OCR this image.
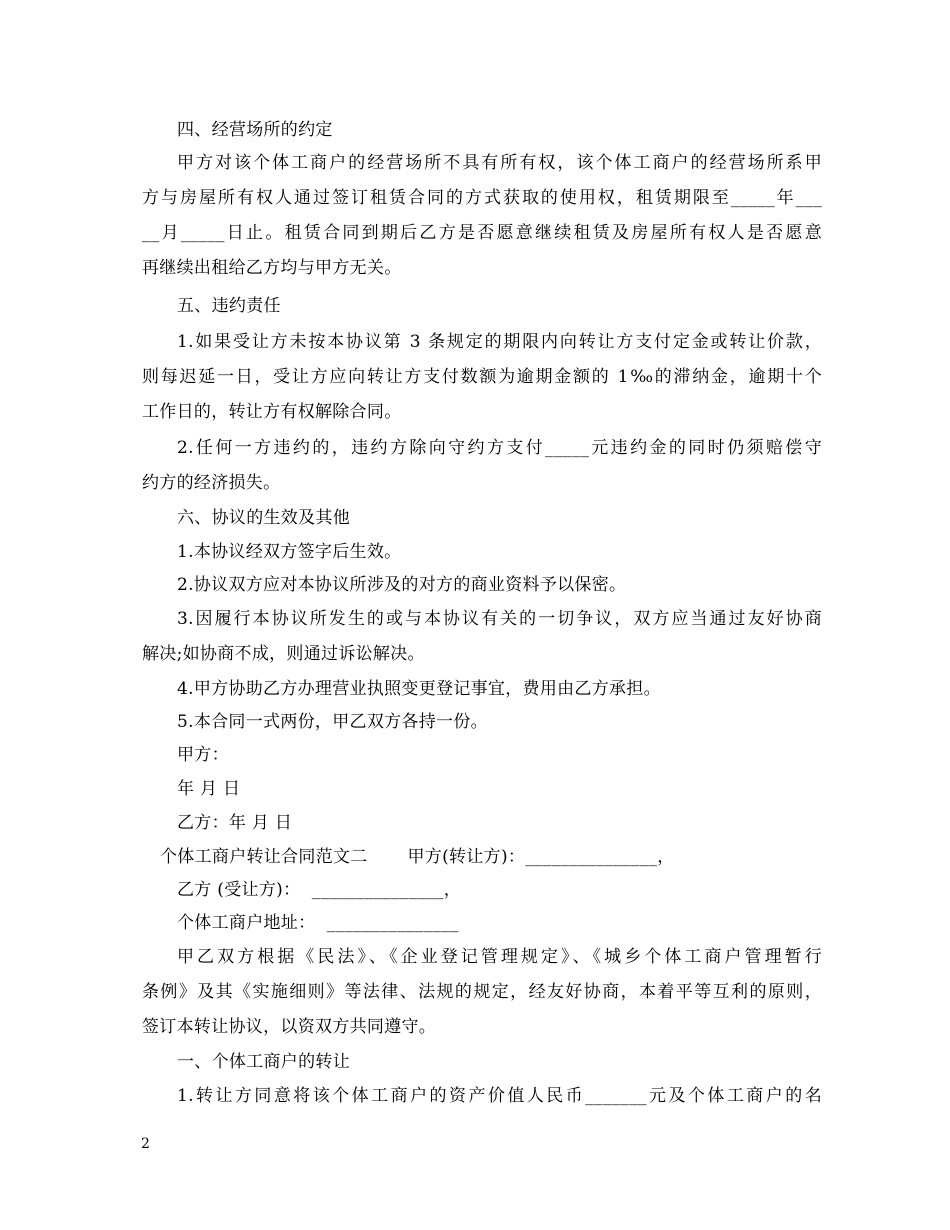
四、经营场所的约定
甲方对该个体工商户的经营场所不具有所有权，该个体工商户的经营场所系甲
方与房屋所有权人通过签订租赁合同的方式获取的使用权，租赁期限至_____年___
__月_____日止。租赁合同到期后乙方是否愿意继续租赁及房屋所有权人是否愿意
再继续出租给乙方均与甲方无关。
五、违约责任
1.如果受让方未按本协议第 3 条规定的期限内向转让方支付定金或转让价款，
则每迟延一日，受让方应向转让方支付数额为逾期金额的 1‰的滞纳金，逾期十个
工作日的，转让方有权解除合同。
2.任何一方违约的，违约方除向守约方支付_____元违约金的同时仍须赔偿守
约方的经济损失。
六、协议的生效及其他
1.本协议经双方签字后生效。
2.协议双方应对本协议所涉及的对方的商业资料予以保密。
3.因履行本协议所发生的或与本协议有关的一切争议，双方应当通过友好协商
解决;如协商不成，则通过诉讼解决。
4.甲方协助乙方办理营业执照变更登记事宜，费用由乙方承担。
5.本合同一式两份，甲乙双方各持一份。
甲方：
年 月 日
乙方：年 月 日
个体工商户转让合同范文二       甲方(转让方)：_______________，
乙方 (受让方)：  _______________，
个体工商户地址：  _______________
甲乙双方根据《民法》、《企业登记管理规定》、《城乡个体工商户管理暂行
条例》及其《实施细则》等法律、法规的规定，经友好协商，本着平等互利的原则，
签订本转让协议，以资双方共同遵守。
一、个体工商户的转让
1.转让方同意将该个体工商户的资产价值人民币_______元及个体工商户的名
2
